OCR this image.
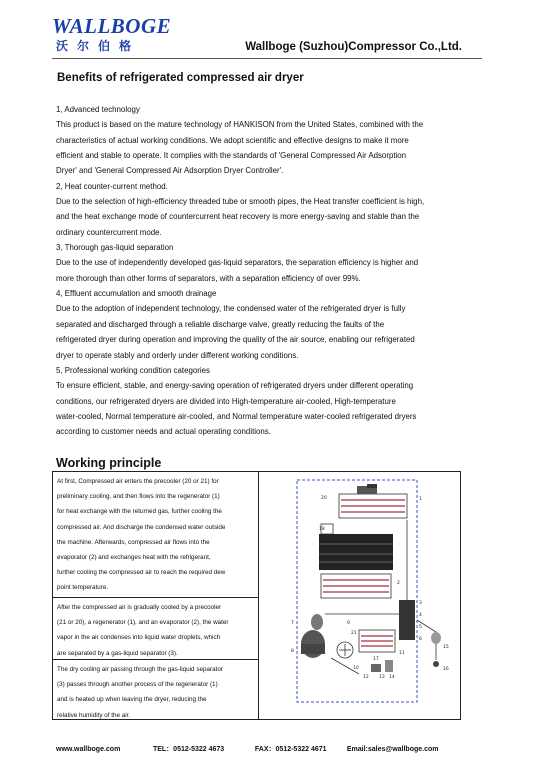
WALLBOGE
沃尔伯格	Wallboge (Suzhou)Compressor Co.,Ltd.
Benefits of refrigerated compressed air dryer

1, Advanced technology

This product is based on the mature technology of HANKISON from the United States, combined with the

characteristics of actual working conditions. We adopt scientific and effective designs to make it more

efficient and stable to operate. It complies with the standards of 'General Compressed Air Adsorption

Dryer' and 'General Compressed Air Adsorption Dryer Controller'.

2, Heat counter-current method.

Due to the selection of high-efficiency threaded tube or smooth pipes, the Heat transfer coefficient is high,

and the heat exchange mode of countercurrent heat recovery is more energy-saving and stable than the

ordinary countercurrent mode.

3, Thorough gas-liquid separation

Due to the use of independently developed gas-liquid separators, the separation efficiency is higher and

more thorough than other forms of separators, with a separation efficiency of over 99%.

4, Effluent accumulation and smooth drainage

Due to the adoption of independent technology, the condensed water of the refrigerated dryer is fully

separated and discharged through a reliable discharge valve, greatly reducing the faults of the

refrigerated dryer during operation and improving the quality of the air source, enabling our refrigerated

dryer to operate stably and orderly under different working conditions.

5, Professional working condition categories

To ensure efficient, stable, and energy-saving operation of refrigerated dryers under different operating

conditions, our refrigerated dryers are divided into High-temperature air-cooled, High-temperature

water-cooled, Normal temperature air-cooled, and Normal temperature water-cooled refrigerated dryers

according to customer needs and actual operating conditions.

Working principle
At first, Compressed air enters the precooler (20 or 21) for
preliminary cooling, and then flows into the regenerator (1)
for heat exchange with the returned gas, further cooling the
compressed air. And discharge the condensed water outside
the machine. Afterwards, compressed air flows into the
evaporator (2) and exchanges heat with the refrigerant,
further cooling the compressed air to reach the required dew
point temperature.
After the compressed air is gradually cooled by a precooler
(21 or 20), a regenerator (1), and an evaporator (2), the water
vapor in the air condenses into liquid water droplets, which
are separated by a gas-liquid separator (3).
The dry cooling air passing through the gas-liquid separator
(3) passes through another process of the regenerator (1)
and is heated up when leaving the dryer, reducing the
relative humidity of the air.
20	1
2
3
4
5
6
7
8
9
10
11
12 13 14
15
16
17
18
21
www.wallboge.com	TEL：0512-5322 4673	FAX：0512-5322 4671	Email:sales@wallboge.com
